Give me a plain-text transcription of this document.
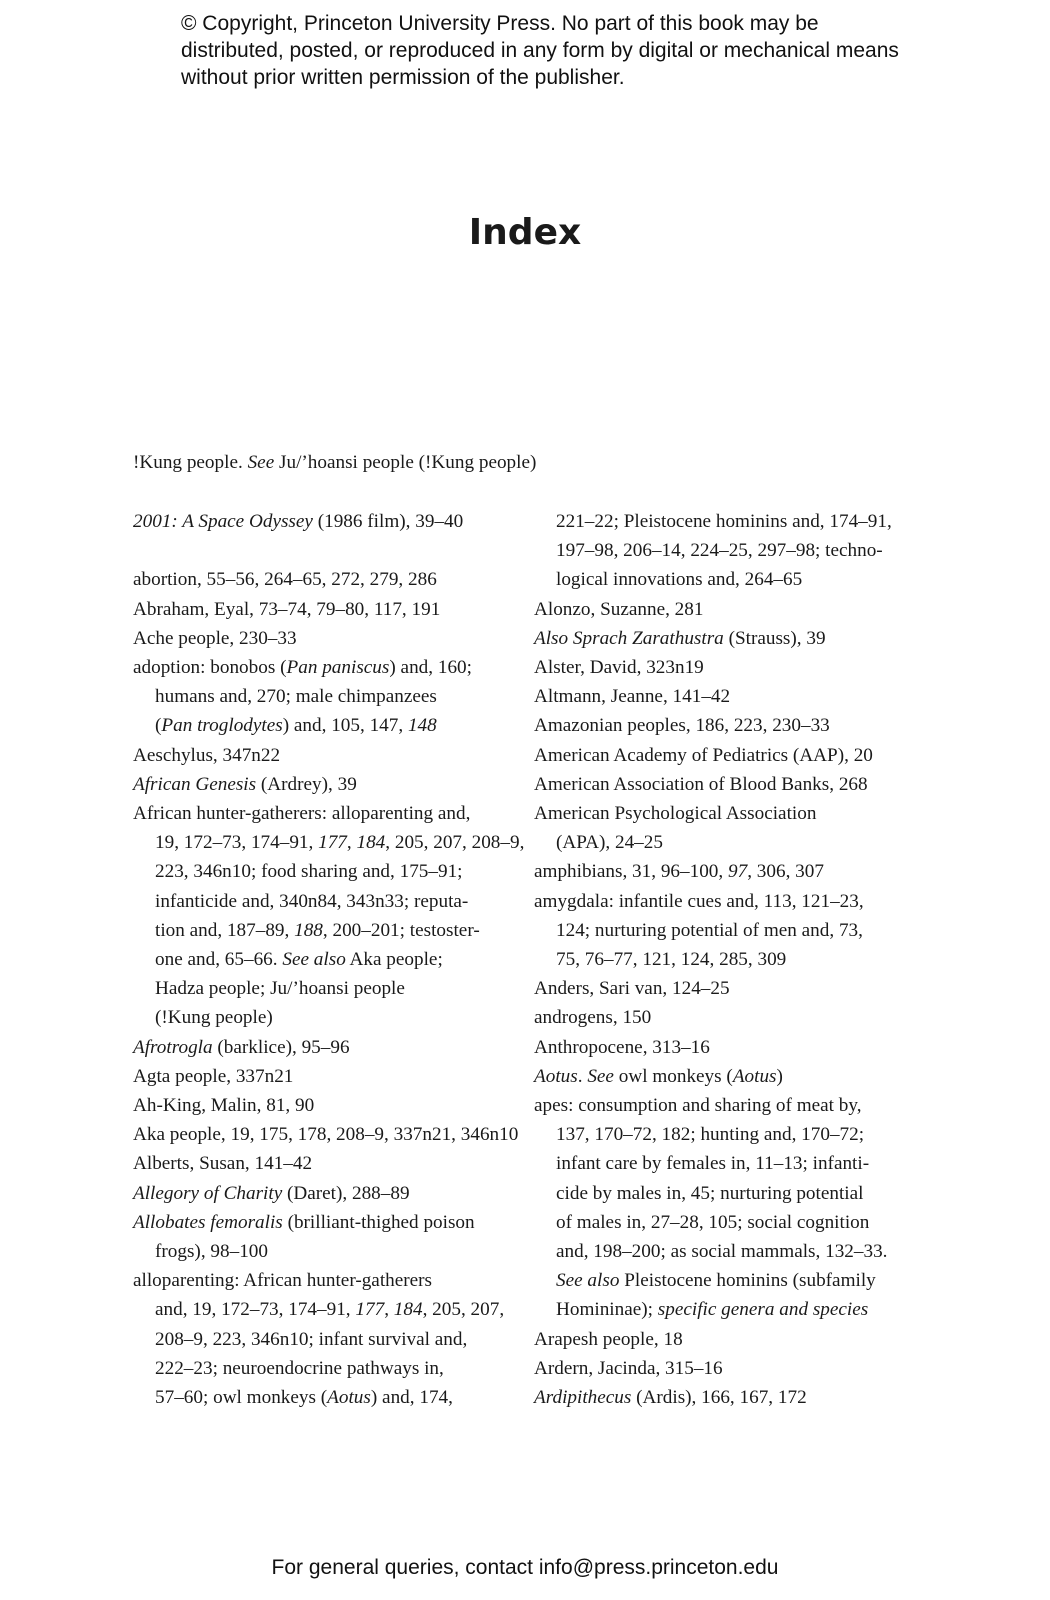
© Copyright, Princeton University Press. No part of this book may be distributed, posted, or reproduced in any form by digital or mechanical means without prior written permission of the publisher.
Index
!Kung people. See Ju/’hoansi people (!Kung people)
2001: A Space Odyssey (1986 film), 39–40
abortion, 55–56, 264–65, 272, 279, 286
Abraham, Eyal, 73–74, 79–80, 117, 191
Ache people, 230–33
adoption: bonobos (Pan paniscus) and, 160;
humans and, 270; male chimpanzees
(Pan troglodytes) and, 105, 147, 148
Aeschylus, 347n22
African Genesis (Ardrey), 39
African hunter-gatherers: alloparenting and,
19, 172–73, 174–91, 177, 184, 205, 207, 208–9,
223, 346n10; food sharing and, 175–91;
infanticide and, 340n84, 343n33; reputa-
tion and, 187–89, 188, 200–201; testoster-
one and, 65–66. See also Aka people;
Hadza people; Ju/’hoansi people
(!Kung people)
Afrotrogla (barklice), 95–96
Agta people, 337n21
Ah-King, Malin, 81, 90
Aka people, 19, 175, 178, 208–9, 337n21, 346n10
Alberts, Susan, 141–42
Allegory of Charity (Daret), 288–89
Allobates femoralis (brilliant-thighed poison
frogs), 98–100
alloparenting: African hunter-gatherers
and, 19, 172–73, 174–91, 177, 184, 205, 207,
208–9, 223, 346n10; infant survival and,
222–23; neuroendocrine pathways in,
57–60; owl monkeys (Aotus) and, 174,
221–22; Pleistocene hominins and, 174–91,
197–98, 206–14, 224–25, 297–98; techno-
logical innovations and, 264–65
Alonzo, Suzanne, 281
Also Sprach Zarathustra (Strauss), 39
Alster, David, 323n19
Altmann, Jeanne, 141–42
Amazonian peoples, 186, 223, 230–33
American Academy of Pediatrics (AAP), 20
American Association of Blood Banks, 268
American Psychological Association
(APA), 24–25
amphibians, 31, 96–100, 97, 306, 307
amygdala: infantile cues and, 113, 121–23,
124; nurturing potential of men and, 73,
75, 76–77, 121, 124, 285, 309
Anders, Sari van, 124–25
androgens, 150
Anthropocene, 313–16
Aotus. See owl monkeys (Aotus)
apes: consumption and sharing of meat by,
137, 170–72, 182; hunting and, 170–72;
infant care by females in, 11–13; infanti-
cide by males in, 45; nurturing potential
of males in, 27–28, 105; social cognition
and, 198–200; as social mammals, 132–33.
See also Pleistocene hominins (subfamily
Homininae); specific genera and species
Arapesh people, 18
Ardern, Jacinda, 315–16
Ardipithecus (Ardis), 166, 167, 172
For general queries, contact info@press.princeton.edu
